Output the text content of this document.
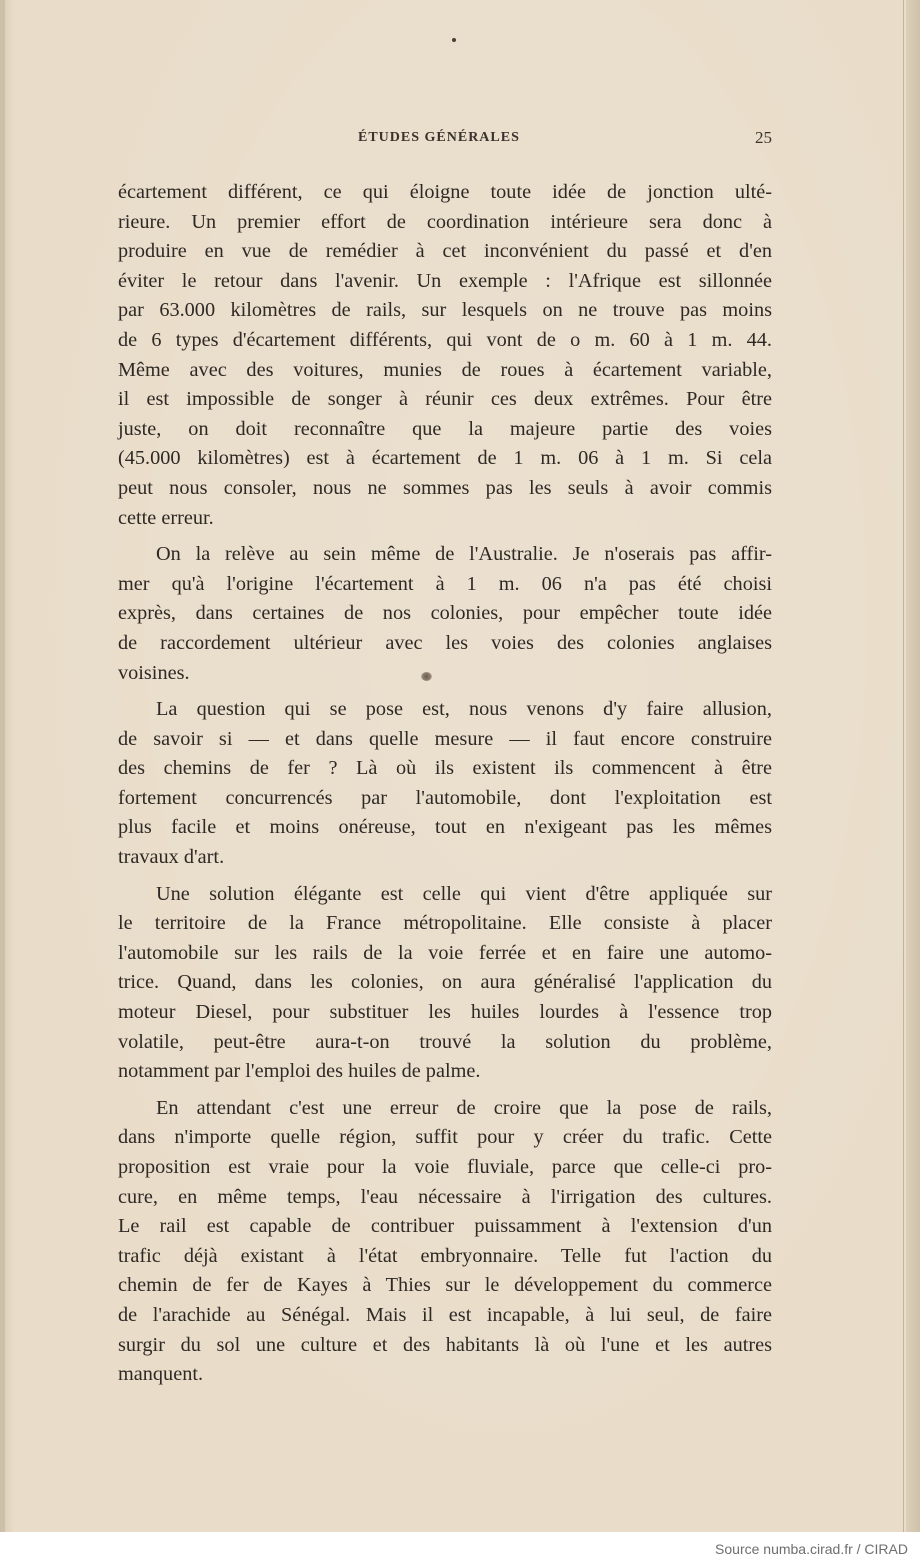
ÉTUDES GÉNÉRALES	25
écartement différent, ce qui éloigne toute idée de jonction ulté-
rieure. Un premier effort de coordination intérieure sera donc à
produire en vue de remédier à cet inconvénient du passé et d'en
éviter le retour dans l'avenir. Un exemple : l'Afrique est sillonnée
par 63.000 kilomètres de rails, sur lesquels on ne trouve pas moins
de 6 types d'écartement différents, qui vont de o m. 60 à 1 m. 44.
Même avec des voitures, munies de roues à écartement variable,
il est impossible de songer à réunir ces deux extrêmes. Pour être
juste, on doit reconnaître que la majeure partie des voies
(45.000 kilomètres) est à écartement de 1 m. 06 à 1 m. Si cela
peut nous consoler, nous ne sommes pas les seuls à avoir commis
cette erreur.
On la relève au sein même de l'Australie. Je n'oserais pas affir-
mer qu'à l'origine l'écartement à 1 m. 06 n'a pas été choisi
exprès, dans certaines de nos colonies, pour empêcher toute idée
de raccordement ultérieur avec les voies des colonies anglaises
voisines.
La question qui se pose est, nous venons d'y faire allusion,
de savoir si — et dans quelle mesure — il faut encore construire
des chemins de fer ? Là où ils existent ils commencent à être
fortement concurrencés par l'automobile, dont l'exploitation est
plus facile et moins onéreuse, tout en n'exigeant pas les mêmes
travaux d'art.
Une solution élégante est celle qui vient d'être appliquée sur
le territoire de la France métropolitaine. Elle consiste à placer
l'automobile sur les rails de la voie ferrée et en faire une automo-
trice. Quand, dans les colonies, on aura généralisé l'application du
moteur Diesel, pour substituer les huiles lourdes à l'essence trop
volatile, peut-être aura-t-on trouvé la solution du problème,
notamment par l'emploi des huiles de palme.
En attendant c'est une erreur de croire que la pose de rails,
dans n'importe quelle région, suffit pour y créer du trafic. Cette
proposition est vraie pour la voie fluviale, parce que celle-ci pro-
cure, en même temps, l'eau nécessaire à l'irrigation des cultures.
Le rail est capable de contribuer puissamment à l'extension d'un
trafic déjà existant à l'état embryonnaire. Telle fut l'action du
chemin de fer de Kayes à Thies sur le développement du commerce
de l'arachide au Sénégal. Mais il est incapable, à lui seul, de faire
surgir du sol une culture et des habitants là où l'une et les autres
manquent.
Source numba.cirad.fr / CIRAD
